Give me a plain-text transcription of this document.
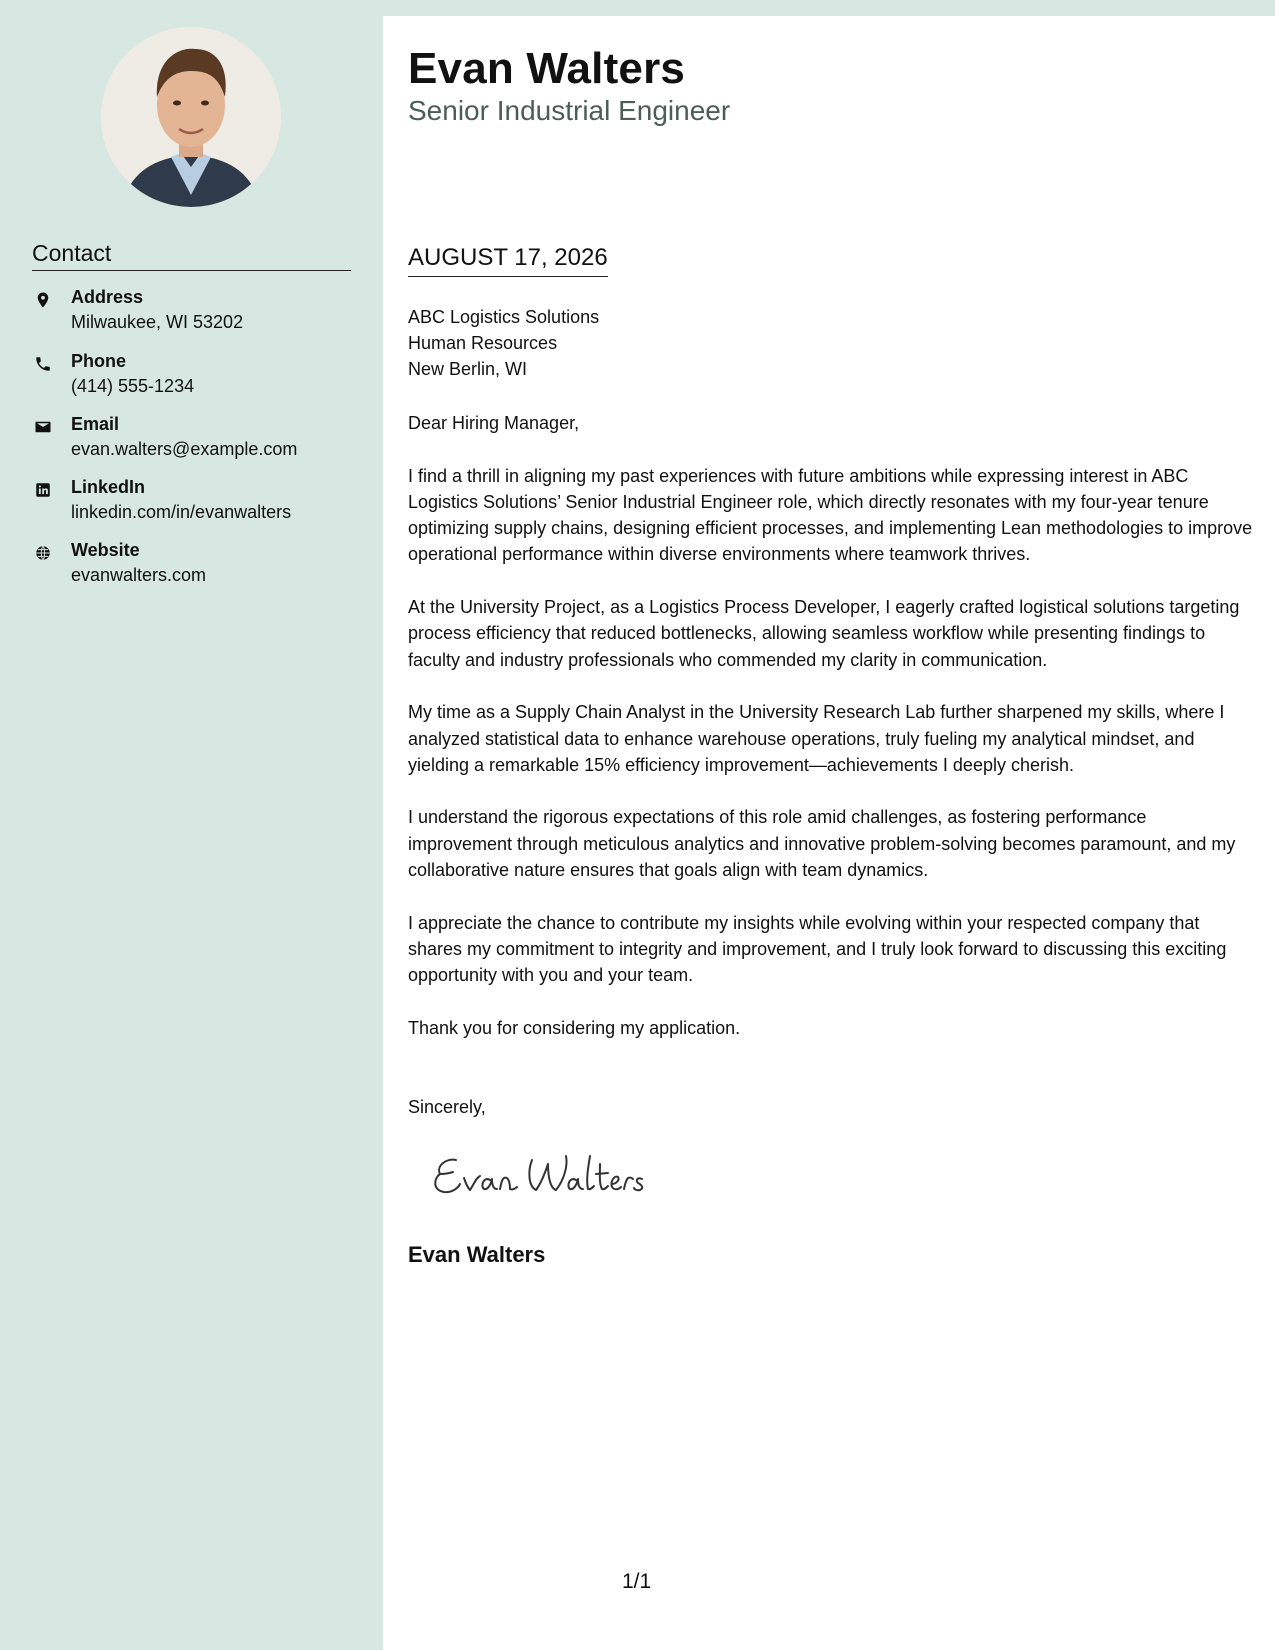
Contact
Address
Milwaukee, WI 53202
Phone
(414) 555-1234
Email
evan.walters@example.com
LinkedIn
linkedin.com/in/evanwalters
Website
evanwalters.com
Evan Walters
Senior Industrial Engineer
AUGUST 17, 2026
ABC Logistics Solutions
Human Resources
New Berlin, WI
Dear Hiring Manager,

I find a thrill in aligning my past experiences with future ambitions while expressing interest in ABC Logistics Solutions’ Senior Industrial Engineer role, which directly resonates with my four-year tenure optimizing supply chains, designing efficient processes, and implementing Lean methodologies to improve operational performance within diverse environments where teamwork thrives.

At the University Project, as a Logistics Process Developer, I eagerly crafted logistical solutions targeting process efficiency that reduced bottlenecks, allowing seamless workflow while presenting findings to faculty and industry professionals who commended my clarity in communication.

My time as a Supply Chain Analyst in the University Research Lab further sharpened my skills, where I analyzed statistical data to enhance warehouse operations, truly fueling my analytical mindset, and yielding a remarkable 15% efficiency improvement—achievements I deeply cherish.

I understand the rigorous expectations of this role amid challenges, as fostering performance improvement through meticulous analytics and innovative problem-solving becomes paramount, and my collaborative nature ensures that goals align with team dynamics.

I appreciate the chance to contribute my insights while evolving within your respected company that shares my commitment to integrity and improvement, and I truly look forward to discussing this exciting opportunity with you and your team.

Thank you for considering my application.

Sincerely,
Evan Walters
1/1
